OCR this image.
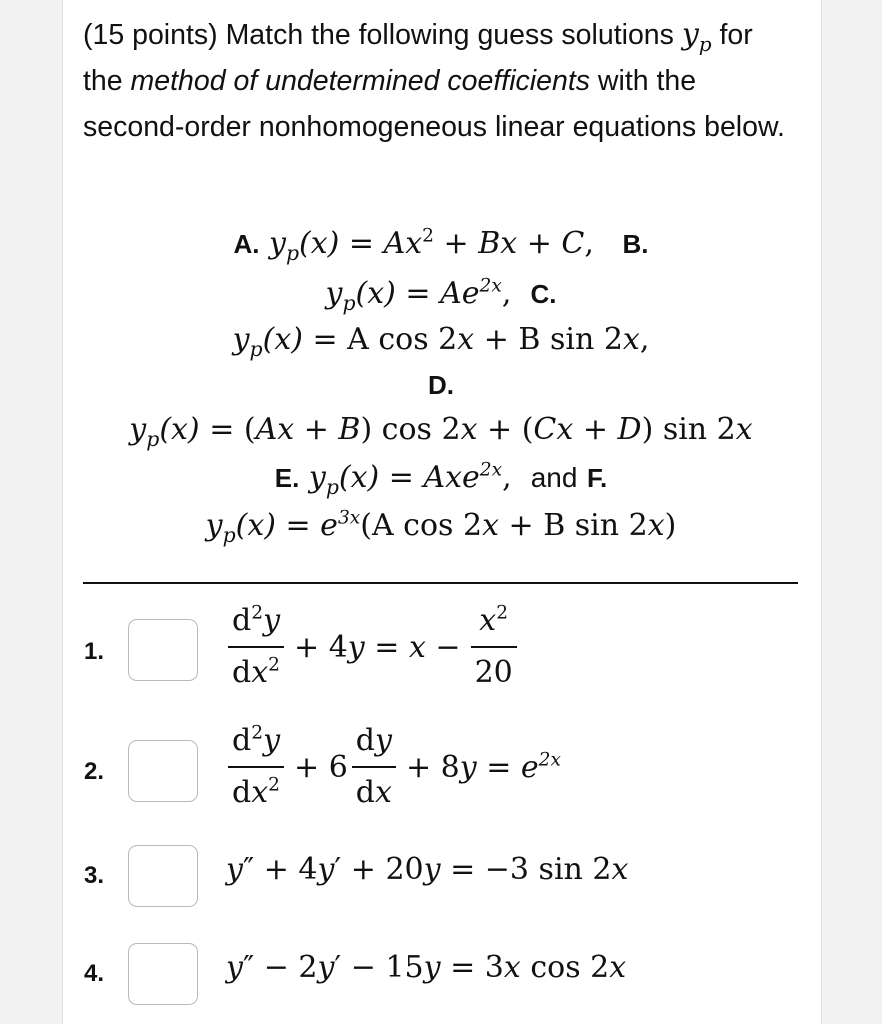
(15 points) Match the following guess solutions $y_p$ for the method of undetermined coefficients with the second-order nonhomogeneous linear equations below.
A. $y_p(x) = Ax^2 + Bx + C$, B.
$y_p(x) = Ae^{2x}$, C.
$y_p(x) = A$ cos 2x + B sin 2x,
D.
$y_p(x) = (Ax + B)$ cos 2x + (Cx + D) sin 2x
E. $y_p(x) = Axe^{2x}$, and F.
$y_p(x) = e^{3x}(A$ cos 2x + B sin 2x)
1.	$\frac{d^2y}{dx^2} + 4y = x - \frac{x^2}{20}$
2.	$\frac{d^2y}{dx^2} + 6 \frac{dy}{dx} + 8y = e^{2x}$
3.	y″ + 4y′ + 20y = −3 sin 2x
4.	y″ − 2y′ − 15y = 3x cos 2x
